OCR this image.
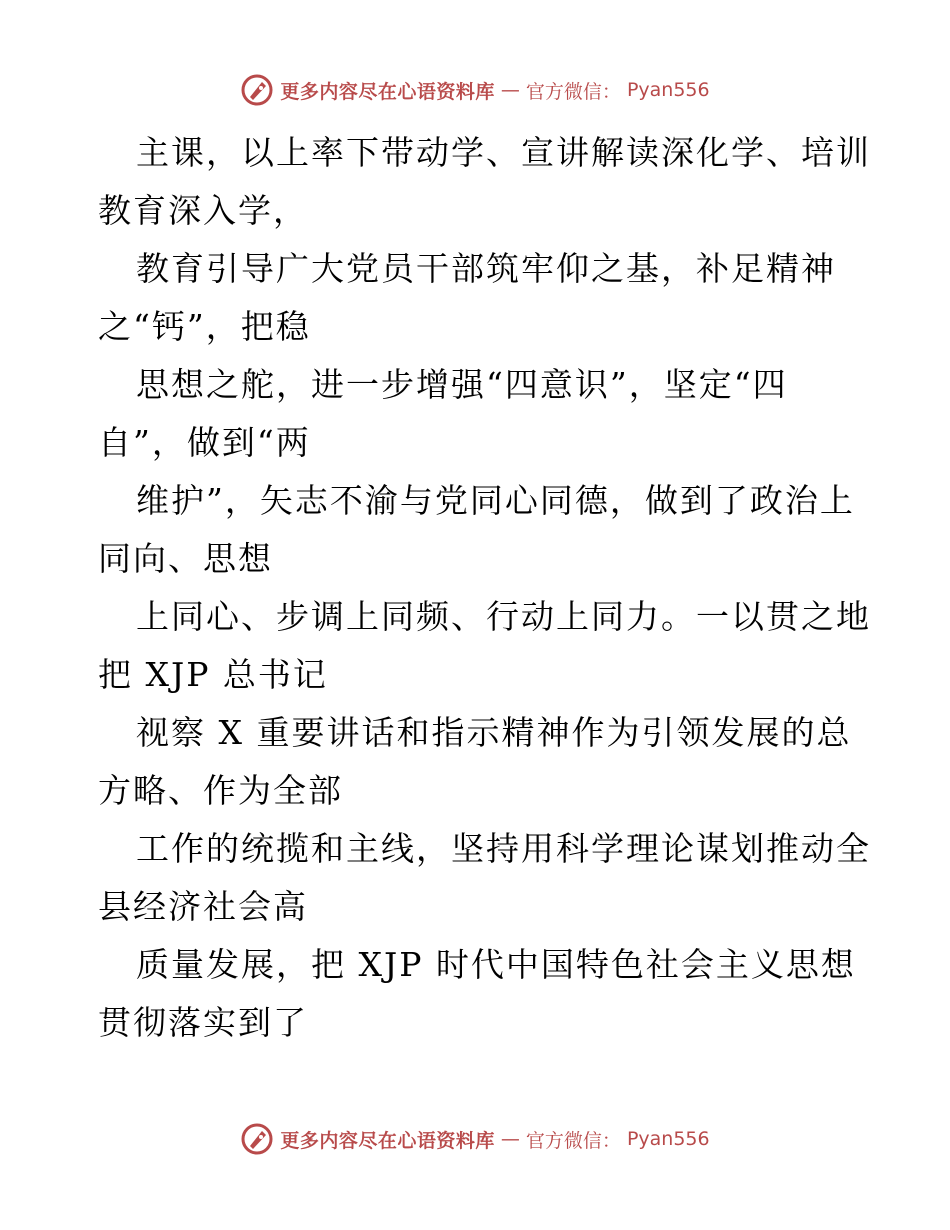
更多内容尽在心语资料库 — 官方微信： Pyan556
主课，以上率下带动学、宣讲解读深化学、培训
教育深入学，
教育引导广大党员干部筑牢仰之基，补足精神
之“钙”，把稳
思想之舵，进一步增强“四意识”，坚定“四
自”，做到“两
维护”，矢志不渝与党同心同德，做到了政治上
同向、思想
上同心、步调上同频、行动上同力。一以贯之地
把 XJP 总书记
视察 X 重要讲话和指示精神作为引领发展的总
方略、作为全部
工作的统揽和主线，坚持用科学理论谋划推动全
县经济社会高
质量发展，把 XJP 时代中国特色社会主义思想
贯彻落实到了
更多内容尽在心语资料库 — 官方微信： Pyan556
